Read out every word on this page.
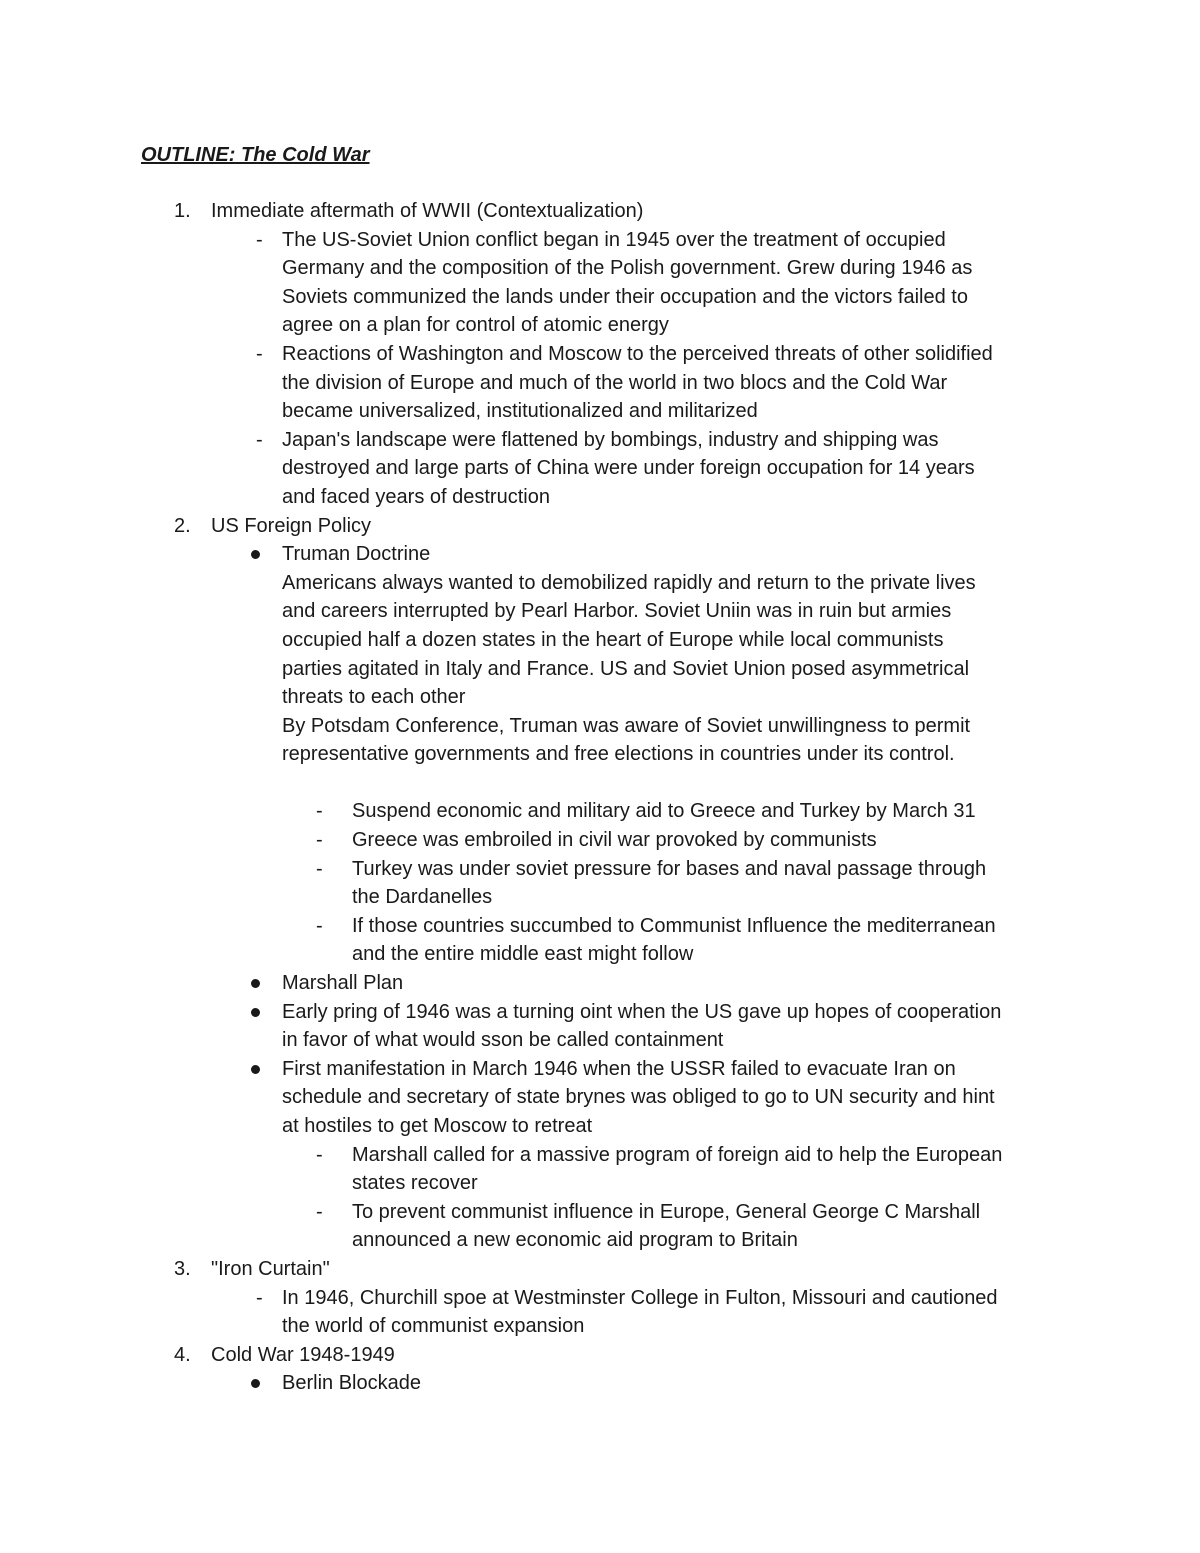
OUTLINE: The Cold War
1. Immediate aftermath of WWII (Contextualization)
- The US-Soviet Union conflict began in 1945 over the treatment of occupied
Germany and the composition of the Polish government. Grew during 1946 as
Soviets communized the lands under their occupation and the victors failed to
agree on a plan for control of atomic energy
- Reactions of Washington and Moscow to the perceived threats of other solidified
the division of Europe and much of the world in two blocs and the Cold War
became universalized, institutionalized and militarized
- Japan's landscape were flattened by bombings, industry and shipping was
destroyed and large parts of China were under foreign occupation for 14 years
and faced years of destruction
2. US Foreign Policy
Truman Doctrine
Americans always wanted to demobilized rapidly and return to the private lives
and careers interrupted by Pearl Harbor. Soviet Uniin was in ruin but armies
occupied half a dozen states in the heart of Europe while local communists
parties agitated in Italy and France. US and Soviet Union posed asymmetrical
threats to each other
By Potsdam Conference, Truman was aware of Soviet unwillingness to permit
representative governments and free elections in countries under its control.
- Suspend economic and military aid to Greece and Turkey by March 31
- Greece was embroiled in civil war provoked by communists
- Turkey was under soviet pressure for bases and naval passage through
the Dardanelles
- If those countries succumbed to Communist Influence the mediterranean
and the entire middle east might follow
Marshall Plan
Early pring of 1946 was a turning oint when the US gave up hopes of cooperation
in favor of what would sson be called containment
First manifestation in March 1946 when the USSR failed to evacuate Iran on
schedule and secretary of state brynes was obliged to go to UN security and hint
at hostiles to get Moscow to retreat
- Marshall called for a massive program of foreign aid to help the European
states recover
- To prevent communist influence in Europe, General George C Marshall
announced a new economic aid program to Britain
3. "Iron Curtain"
- In 1946, Churchill spoe at Westminster College in Fulton, Missouri and cautioned
the world of communist expansion
4. Cold War 1948-1949
Berlin Blockade
